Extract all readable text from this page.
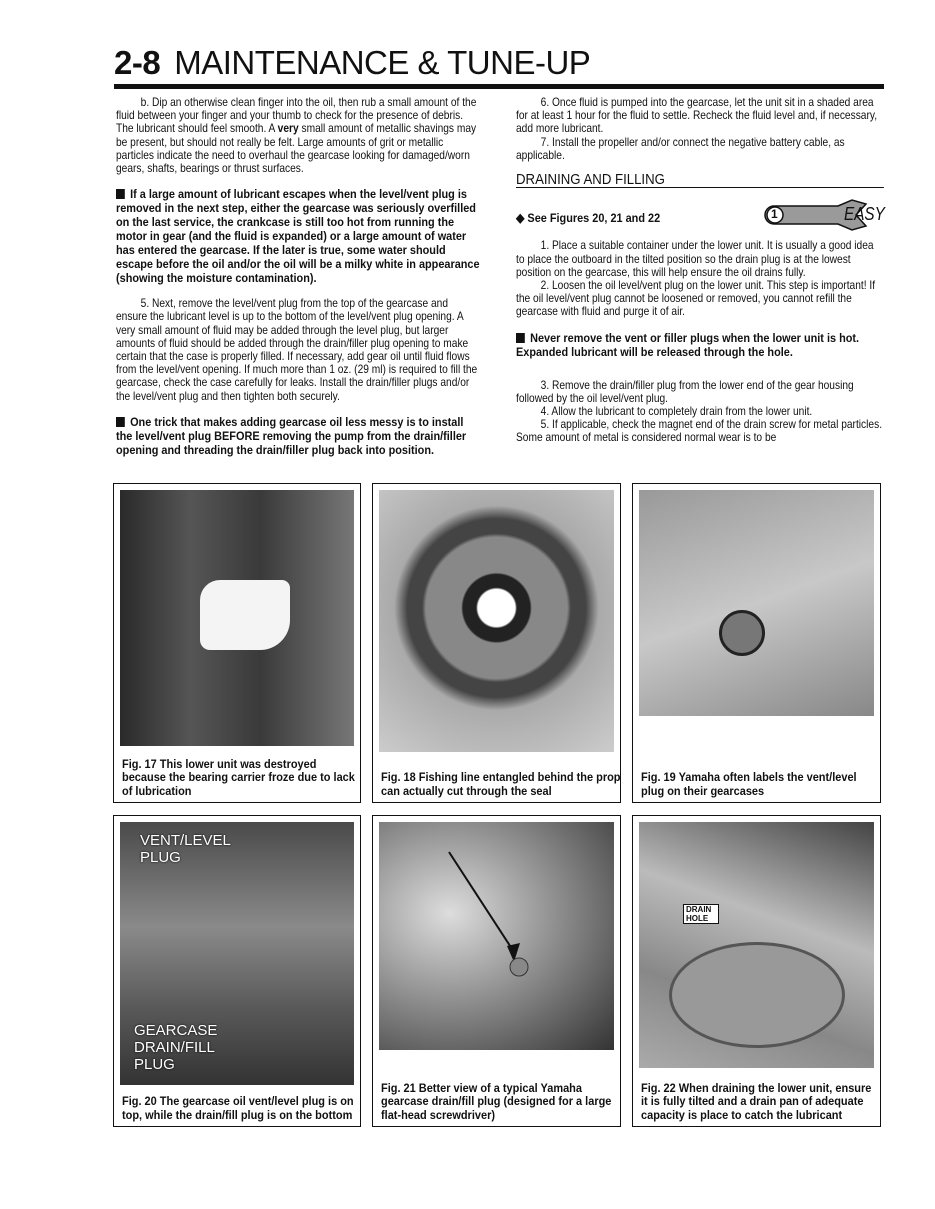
2-8 MAINTENANCE & TUNE-UP

b. Dip an otherwise clean finger into the oil, then rub a small amount of the fluid between your finger and your thumb to check for the presence of debris. The lubricant should feel smooth. A very small amount of metallic shavings may be present, but should not really be felt. Large amounts of grit or metallic particles indicate the need to overhaul the gearcase looking for damaged/worn gears, shafts, bearings or thrust surfaces.

If a large amount of lubricant escapes when the level/vent plug is removed in the next step, either the gearcase was seriously overfilled on the last service, the crankcase is still too hot from running the motor in gear (and the fluid is expanded) or a large amount of water has entered the gearcase. If the later is true, some water should escape before the oil and/or the oil will be a milky white in appearance (showing the moisture contamination).

5. Next, remove the level/vent plug from the top of the gearcase and ensure the lubricant level is up to the bottom of the level/vent plug opening. A very small amount of fluid may be added through the level plug, but larger amounts of fluid should be added through the drain/filler plug opening to make certain that the case is properly filled. If necessary, add gear oil until fluid flows from the level/vent opening. If much more than 1 oz. (29 ml) is required to fill the gearcase, check the case carefully for leaks. Install the drain/filler plugs and/or the level/vent plug and then tighten both securely.

One trick that makes adding gearcase oil less messy is to install the level/vent plug BEFORE removing the pump from the drain/filler opening and threading the drain/filler plug back into position.

6. Once fluid is pumped into the gearcase, let the unit sit in a shaded area for at least 1 hour for the fluid to settle. Recheck the fluid level and, if necessary, add more lubricant.

7. Install the propeller and/or connect the negative battery cable, as applicable.

DRAINING AND FILLING

◆ See Figures 20, 21 and 22

1. Place a suitable container under the lower unit. It is usually a good idea to place the outboard in the tilted position so the drain plug is at the lowest position on the gearcase, this will help ensure the oil drains fully.

2. Loosen the oil level/vent plug on the lower unit. This step is important! If the oil level/vent plug cannot be loosened or removed, you cannot refill the gearcase with fluid and purge it of air.

Never remove the vent or filler plugs when the lower unit is hot. Expanded lubricant will be released through the hole.

3. Remove the drain/filler plug from the lower end of the gear housing followed by the oil level/vent plug.

4. Allow the lubricant to completely drain from the lower unit.

5. If applicable, check the magnet end of the drain screw for metal particles. Some amount of metal is considered normal wear is to be

1	EASY
Fig. 17 This lower unit was destroyed because the bearing carrier froze due to lack of lubrication
Fig. 18 Fishing line entangled behind the prop can actually cut through the seal
Fig. 19 Yamaha often labels the vent/level plug on their gearcases
VENT/LEVEL PLUG
GEARCASE DRAIN/FILL PLUG
Fig. 20 The gearcase oil vent/level plug is on top, while the drain/fill plug is on the bottom
Fig. 21 Better view of a typical Yamaha gearcase drain/fill plug (designed for a large flat-head screwdriver)
DRAIN HOLE
Fig. 22 When draining the lower unit, ensure it is fully tilted and a drain pan of adequate capacity is place to catch the lubricant
